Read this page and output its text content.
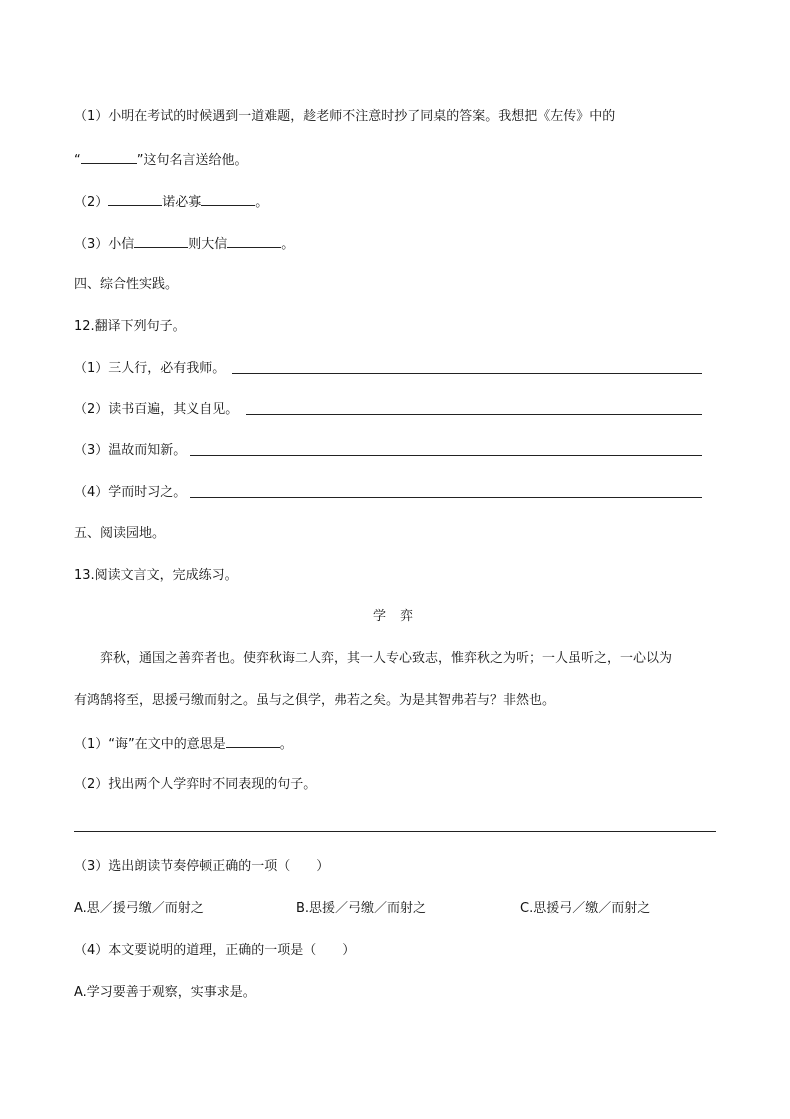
（1）小明在考试的时候遇到一道难题，趁老师不注意时抄了同桌的答案。我想把《左传》中的
“	”这句名言送给他。
（2）	诺必寡	。
（3）小信	则大信	。
四、综合性实践。
12.翻译下列句子。
（1）三人行，必有我师。
（2）读书百遍，其义自见。
（3）温故而知新。
（4）学而时习之。
五、阅读园地。
13.阅读文言文，完成练习。
学弈
弈秋，通国之善弈者也。使弈秋诲二人弈，其一人专心致志，惟弈秋之为听；一人虽听之，一心以为
有鸿鹄将至，思援弓缴而射之。虽与之俱学，弗若之矣。为是其智弗若与？非然也。
（1）“诲”在文中的意思是	。
（2）找出两个人学弈时不同表现的句子。
（3）选出朗读节奏停顿正确的一项（　　）
A.思／援弓缴／而射之	B.思援／弓缴／而射之	C.思援弓／缴／而射之
（4）本文要说明的道理，正确的一项是（　　）
A.学习要善于观察，实事求是。
